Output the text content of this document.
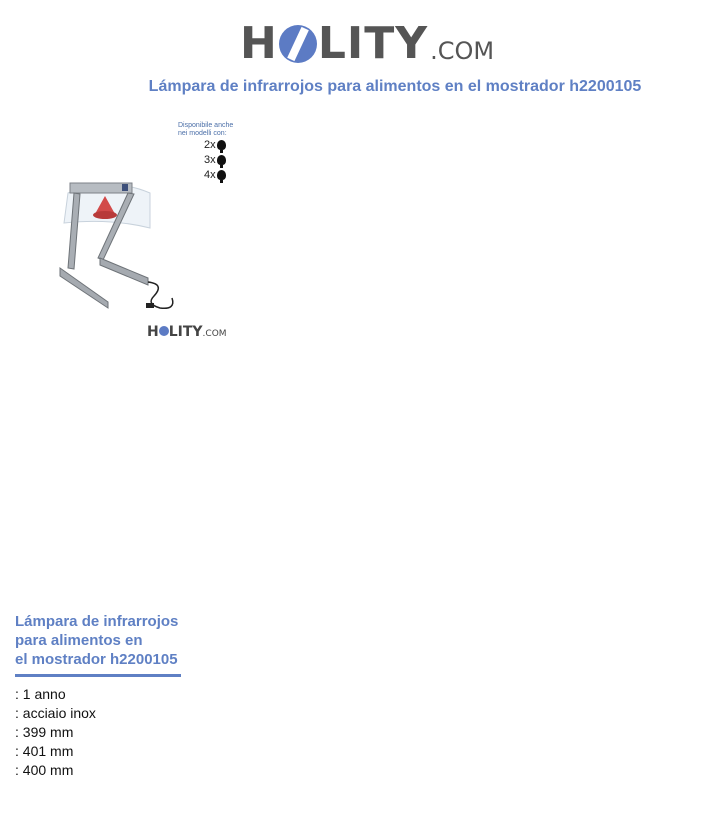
H LITY .COM
Lámpara de infrarrojos para alimentos en el mostrador h2200105
Disponibile anche
nei modelli con:
2x
3x
4x
H LITY.COM
Lámpara de infrarrojos
para alimentos en
el mostrador h2200105
: 1 anno
: acciaio inox
: 399 mm
: 401 mm
: 400 mm
